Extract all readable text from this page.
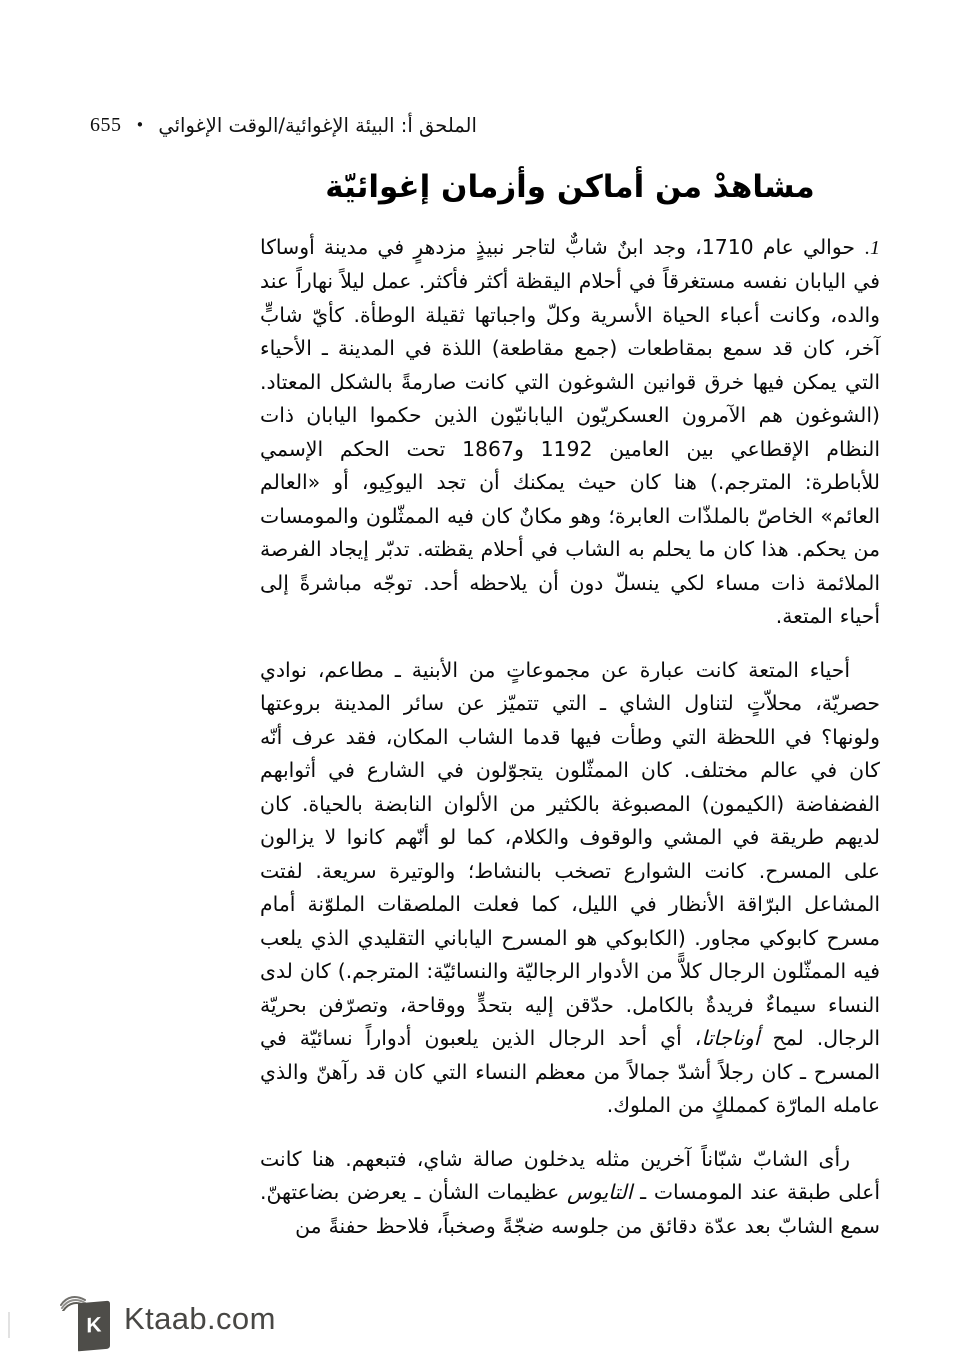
655 • الملحق أ: البيئة الإغوائية/الوقت الإغوائي
مشاهدْ من أماكن وأزمان إغوائيّة

1.حوالي عام 1710، وجد ابنٌ شابٌّ لتاجر نبيذٍ مزدهرٍ في مدينة أوساكا في اليابان نفسه مستغرقاً في أحلام اليقظة أكثر فأكثر. عمل ليلاً نهاراً عند والده، وكانت أعباء الحياة الأسرية وكلّ واجباتها ثقيلة الوطأة. كأيّ شابٍّ آخر، كان قد سمع بمقاطعات (جمع مقاطعة) اللذة في المدينة ـ الأحياء التي يمكن فيها خرق قوانين الشوغون التي كانت صارمةً بالشكل المعتاد. (الشوغون هم الآمرون العسكريّون اليابانيّون الذين حكموا اليابان ذات النظام الإقطاعي بين العامين 1192 و1867 تحت الحكم الإسمي للأباطرة: المترجم.) هنا كان حيث يمكنك أن تجد اليوكِيو، أو «العالم العائم» الخاصّ بالملذّات العابرة؛ وهو مكانٌ كان فيه الممثّلون والمومسات من يحكم. هذا كان ما يحلم به الشاب في أحلام يقظته. تدبّر إيجاد الفرصة الملائمة ذات مساء لكي ينسلّ دون أن يلاحظه أحد. توجّه مباشرةً إلى أحياء المتعة.

أحياء المتعة كانت عبارة عن مجموعاتٍ من الأبنية ـ مطاعم، نوادي حصريّة، محلاّتٍ لتناول الشاي ـ التي تتميّز عن سائر المدينة بروعتها ولونها؟ في اللحظة التي وطأت فيها قدما الشاب المكان، فقد عرف أنّه كان في عالم مختلف. كان الممثّلون يتجوّلون في الشارع في أثوابهم الفضفاضة (الكيمون) المصبوغة بالكثير من الألوان النابضة بالحياة. كان لديهم طريقة في المشي والوقوف والكلام، كما لو أنّهم كانوا لا يزالون على المسرح. كانت الشوارع تصخب بالنشاط؛ والوتيرة سريعة. لفتت المشاعل البرّاقة الأنظار في الليل، كما فعلت الملصقات الملوّنة أمام مسرح كابوكي مجاور. (الكابوكي هو المسرح الياباني التقليدي الذي يلعب فيه الممثّلون الرجال كلاًّ من الأدوار الرجاليّة والنسائيّة: المترجم.) كان لدى النساء سيماءٌ فريدةٌ بالكامل. حدّقن إليه بتحدٍّ ووقاحة، وتصرّفن بحريّة الرجال. لمح أوناجاتا، أي أحد الرجال الذين يلعبون أدواراً نسائيّة في المسرح ـ كان رجلاً أشدّ جمالاً من معظم النساء التي كان قد رآهنّ والذي عامله المارّة كمملكٍ من الملوك.

رأى الشابّ شبّاناً آخرين مثله يدخلون صالة شاي، فتبعهم. هنا كانت أعلى طبقة عند المومسات ـ التايوس عظيمات الشأن ـ يعرضن بضاعتهنّ. سمع الشابّ بعد عدّة دقائق من جلوسه ضجّةً وصخباً، فلاحظ حفنةً من

K Ktaab.com
